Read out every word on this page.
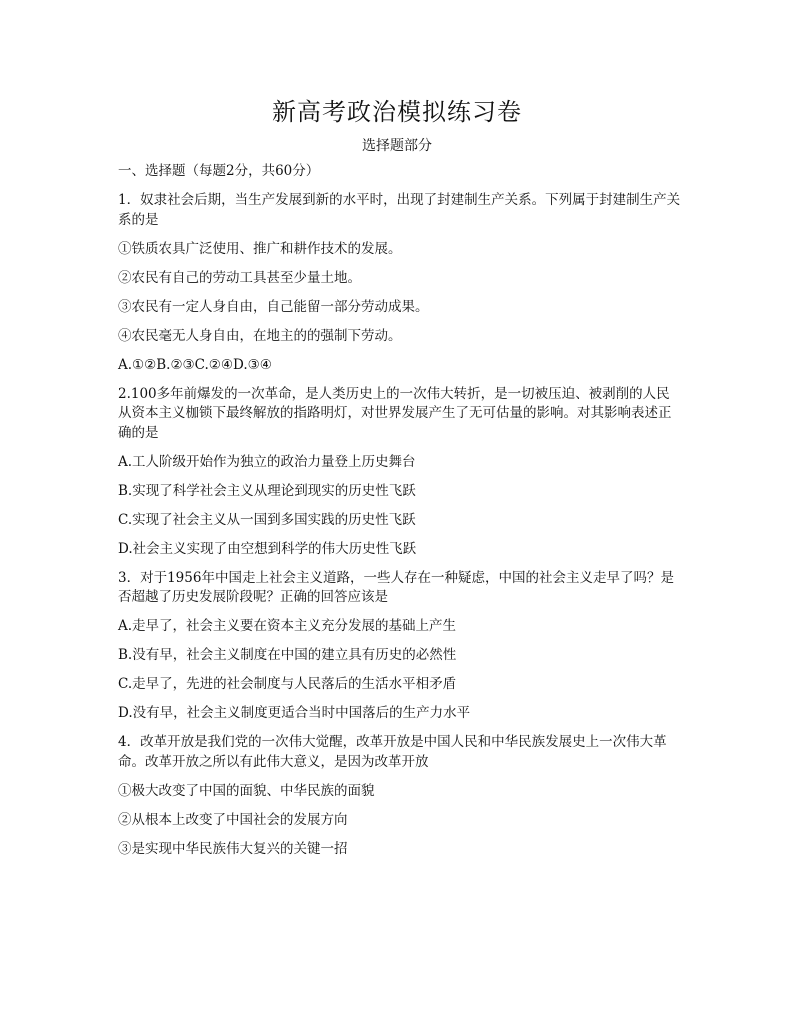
新高考政治模拟练习卷
选择题部分

一、选择题（每题2分，共60分）

1．奴隶社会后期，当生产发展到新的水平时，出现了封建制生产关系。下列属于封建制生产关系的是

①铁质农具广泛使用、推广和耕作技术的发展。

②农民有自己的劳动工具甚至少量土地。

③农民有一定人身自由，自己能留一部分劳动成果。

④农民毫无人身自由，在地主的的强制下劳动。

A.①②B.②③C.②④D.③④

2.100多年前爆发的一次革命，是人类历史上的一次伟大转折，是一切被压迫、被剥削的人民从资本主义枷锁下最终解放的指路明灯，对世界发展产生了无可估量的影响。对其影响表述正确的是

A.工人阶级开始作为独立的政治力量登上历史舞台

B.实现了科学社会主义从理论到现实的历史性飞跃

C.实现了社会主义从一国到多国实践的历史性飞跃

D.社会主义实现了由空想到科学的伟大历史性飞跃

3．对于1956年中国走上社会主义道路，一些人存在一种疑虑，中国的社会主义走早了吗？是否超越了历史发展阶段呢？正确的回答应该是

A.走早了，社会主义要在资本主义充分发展的基础上产生

B.没有早，社会主义制度在中国的建立具有历史的必然性

C.走早了，先进的社会制度与人民落后的生活水平相矛盾

D.没有早，社会主义制度更适合当时中国落后的生产力水平

4．改革开放是我们党的一次伟大觉醒，改革开放是中国人民和中华民族发展史上一次伟大革命。改革开放之所以有此伟大意义，是因为改革开放

①极大改变了中国的面貌、中华民族的面貌

②从根本上改变了中国社会的发展方向

③是实现中华民族伟大复兴的关键一招
